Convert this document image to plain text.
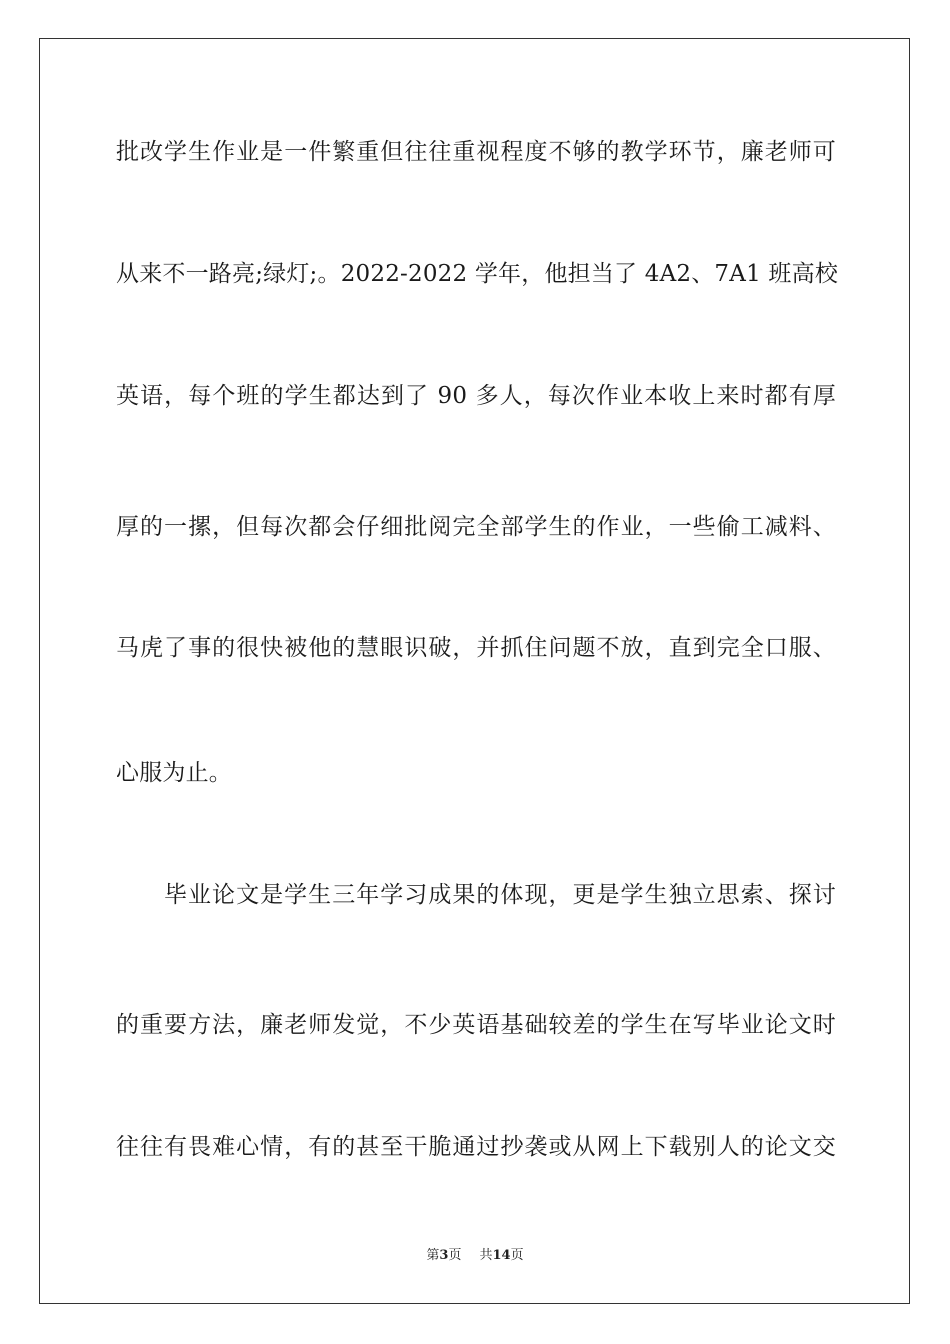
批改学生作业是一件繁重但往往重视程度不够的教学环节，廉老师可
从来不一路亮;绿灯;。2022-2022 学年，他担当了 4A2、7A1 班高校
英语，每个班的学生都达到了 90 多人，每次作业本收上来时都有厚
厚的一摞，但每次都会仔细批阅完全部学生的作业，一些偷工减料、
马虎了事的很快被他的慧眼识破，并抓住问题不放，直到完全口服、
心服为止。
毕业论文是学生三年学习成果的体现，更是学生独立思索、探讨
的重要方法，廉老师发觉，不少英语基础较差的学生在写毕业论文时
往往有畏难心情，有的甚至干脆通过抄袭或从网上下载别人的论文交
第3页 共14页
